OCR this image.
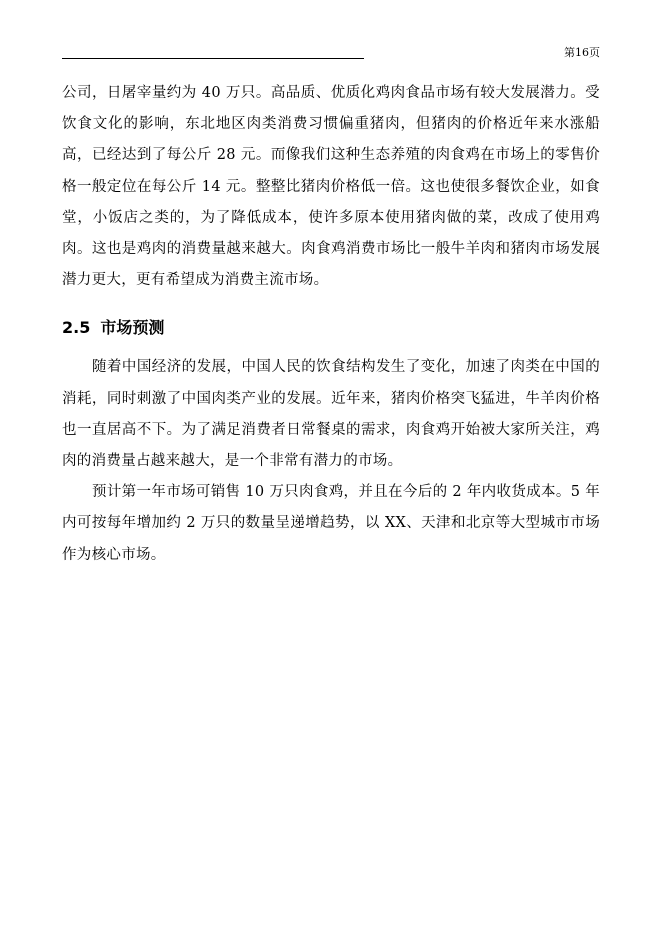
第16页

公司，日屠宰量约为 40 万只。高品质、优质化鸡肉食品市场有较大发展潜力。受饮食文化的影响，东北地区肉类消费习惯偏重猪肉，但猪肉的价格近年来水涨船高，已经达到了每公斤 28 元。而像我们这种生态养殖的肉食鸡在市场上的零售价格一般定位在每公斤 14 元。整整比猪肉价格低一倍。这也使很多餐饮企业，如食堂，小饭店之类的，为了降低成本，使许多原本使用猪肉做的菜，改成了使用鸡肉。这也是鸡肉的消费量越来越大。肉食鸡消费市场比一般牛羊肉和猪肉市场发展潜力更大，更有希望成为消费主流市场。

2.5 市场预测

随着中国经济的发展，中国人民的饮食结构发生了变化，加速了肉类在中国的消耗，同时刺激了中国肉类产业的发展。近年来，猪肉价格突飞猛进，牛羊肉价格也一直居高不下。为了满足消费者日常餐桌的需求，肉食鸡开始被大家所关注，鸡肉的消费量占越来越大，是一个非常有潜力的市场。

预计第一年市场可销售 10 万只肉食鸡，并且在今后的 2 年内收货成本。5 年内可按每年增加约 2 万只的数量呈递增趋势，以 XX、天津和北京等大型城市市场作为核心市场。
